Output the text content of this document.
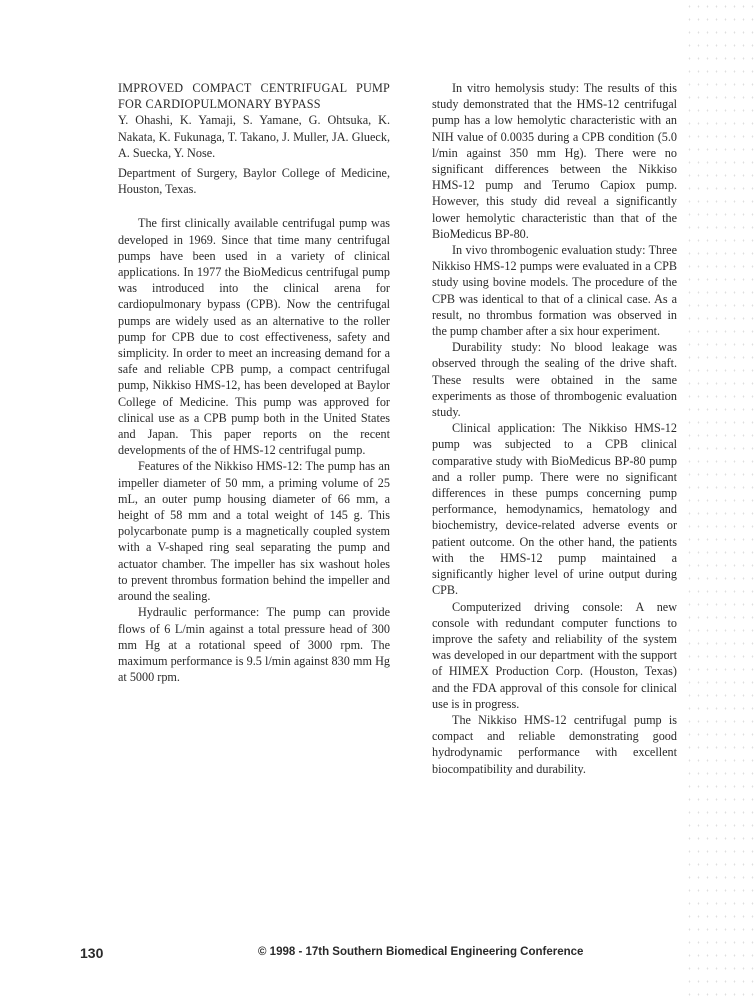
IMPROVED COMPACT CENTRIFUGAL PUMP FOR CARDIOPULMONARY BYPASS
Y. Ohashi, K. Yamaji, S. Yamane, G. Ohtsuka, K. Nakata, K. Fukunaga, T. Takano, J. Muller, JA. Glueck, A. Suecka, Y. Nose.
Department of Surgery, Baylor College of Medicine, Houston, Texas.

The first clinically available centrifugal pump was developed in 1969. Since that time many centrifugal pumps have been used in a variety of clinical applications. In 1977 the BioMedicus centrifugal pump was introduced into the clinical arena for cardiopulmonary bypass (CPB). Now the centrifugal pumps are widely used as an alternative to the roller pump for CPB due to cost effectiveness, safety and simplicity. In order to meet an increasing demand for a safe and reliable CPB pump, a compact centrifugal pump, Nikkiso HMS-12, has been developed at Baylor College of Medicine. This pump was approved for clinical use as a CPB pump both in the United States and Japan. This paper reports on the recent developments of the of HMS-12 centrifugal pump.

Features of the Nikkiso HMS-12: The pump has an impeller diameter of 50 mm, a priming volume of 25 mL, an outer pump housing diameter of 66 mm, a height of 58 mm and a total weight of 145 g. This polycarbonate pump is a magnetically coupled system with a V-shaped ring seal separating the pump and actuator chamber. The impeller has six washout holes to prevent thrombus formation behind the impeller and around the sealing.

Hydraulic performance: The pump can provide flows of 6 L/min against a total pressure head of 300 mm Hg at a rotational speed of 3000 rpm. The maximum performance is 9.5 l/min against 830 mm Hg at 5000 rpm.

In vitro hemolysis study: The results of this study demonstrated that the HMS-12 centrifugal pump has a low hemolytic characteristic with an NIH value of 0.0035 during a CPB condition (5.0 l/min against 350 mm Hg). There were no significant differences between the Nikkiso HMS-12 pump and Terumo Capiox pump. However, this study did reveal a significantly lower hemolytic characteristic than that of the BioMedicus BP-80.

In vivo thrombogenic evaluation study: Three Nikkiso HMS-12 pumps were evaluated in a CPB study using bovine models. The procedure of the CPB was identical to that of a clinical case. As a result, no thrombus formation was observed in the pump chamber after a six hour experiment.

Durability study: No blood leakage was observed through the sealing of the drive shaft. These results were obtained in the same experiments as those of thrombogenic evaluation study.

Clinical application: The Nikkiso HMS-12 pump was subjected to a CPB clinical comparative study with BioMedicus BP-80 pump and a roller pump. There were no significant differences in these pumps concerning pump performance, hemodynamics, hematology and biochemistry, device-related adverse events or patient outcome. On the other hand, the patients with the HMS-12 pump maintained a significantly higher level of urine output during CPB.

Computerized driving console: A new console with redundant computer functions to improve the safety and reliability of the system was developed in our department with the support of HIMEX Production Corp. (Houston, Texas) and the FDA approval of this console for clinical use is in progress.

The Nikkiso HMS-12 centrifugal pump is compact and reliable demonstrating good hydrodynamic performance with excellent biocompatibility and durability.

130	© 1998 - 17th Southern Biomedical Engineering Conference
